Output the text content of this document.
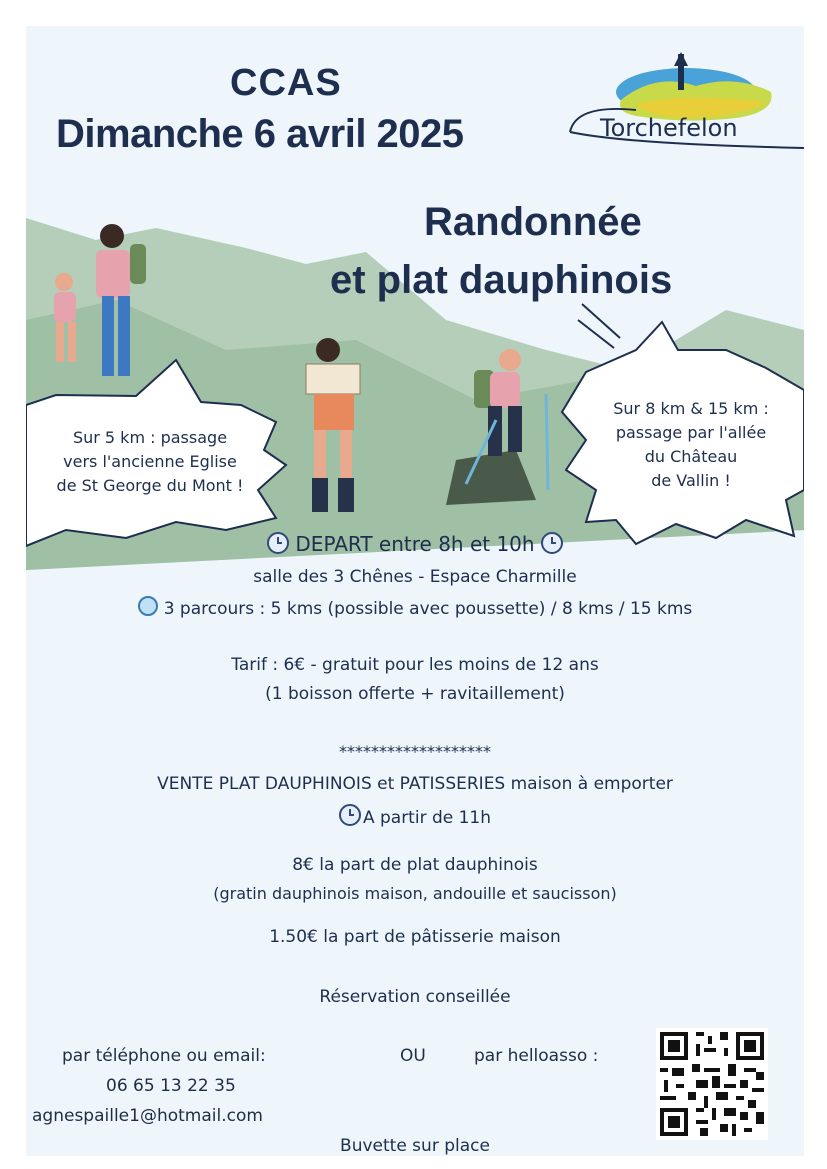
CCAS
Dimanche 6 avril 2025	Torchefelon
Randonnée
et plat dauphinois
Sur 5 km : passage
vers l'ancienne Eglise
de St George du Mont !
Sur 8 km & 15 km :
passage par l'allée
du Château
de Vallin !
DEPART entre 8h et 10h
salle des 3 Chênes - Espace Charmille
3 parcours : 5 kms (possible avec poussette) / 8 kms / 15 kms
Tarif : 6€ - gratuit pour les moins de 12 ans
(1 boisson offerte + ravitaillement)
*******************
VENTE PLAT DAUPHINOIS et PATISSERIES maison à emporter
A partir de 11h
8€ la part de plat dauphinois
(gratin dauphinois maison, andouille et saucisson)
1.50€ la part de pâtisserie maison
Réservation conseillée
par téléphone ou email:
06 65 13 22 35
agnespaille1@hotmail.com
OU	par helloasso :
Buvette sur place
